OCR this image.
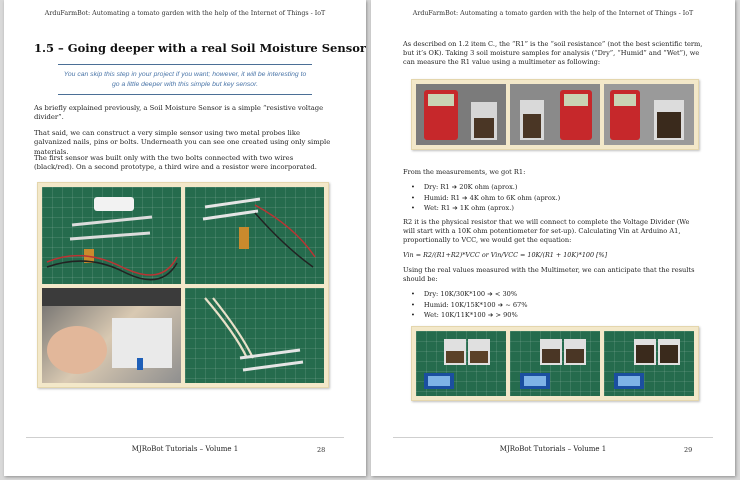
ArduFarmBot: Automating a tomato garden with the help of the Internet of Things - IoT
1.5 – Going deeper with a real Soil Moisture Sensor
You can skip this step in your project if you want; however, it will be interesting to go a little deeper with this simple but key sensor.

As briefly explained previously, a Soil Moisture Sensor is a simple “resistive voltage divider”.

That said, we can construct a very simple sensor using two metal probes like galvanized nails, pins or bolts. Underneath you can see one created using only simple materials.

The first sensor was built only with the two bolts connected with two wires (black/red). On a second prototype, a third wire and a resistor were incorporated.

MJRoBot Tutorials – Volume 1	28
ArduFarmBot: Automating a tomato garden with the help of the Internet of Things - IoT

As described on 1.2 item C., the “R1” is the “soil resistance” (not the best scientific term, but it’s OK). Taking 3 soil moisture samples for analysis (“Dry”, “Humid” and “Wet”), we can measure the R1 value using a multimeter as following:

From the measurements, we got R1:

• Dry: R1 ➔ 20K ohm (aprox.)
• Humid: R1 ➔ 4K ohm to 6K ohm (aprox.)
• Wet: R1 ➔ 1K ohm (aprox.)

R2 it is the physical resistor that we will connect to complete the Voltage Divider (We will start with a 10K ohm potentiometer for set-up). Calculating Vin at Arduino A1, proportionally to VCC, we would get the equation:

Vin = R2/(R1+R2)*VCC or Vin/VCC = 10K/(R1 + 10K)*100 [%]

Using the real values measured with the Multimeter, we can anticipate that the results should be:

• Dry: 10K/30K*100 ➔ < 30%
• Humid: 10K/15K*100 ➔ ~ 67%
• Wet: 10K/11K*100 ➔ > 90%
MJRoBot Tutorials – Volume 1	29
